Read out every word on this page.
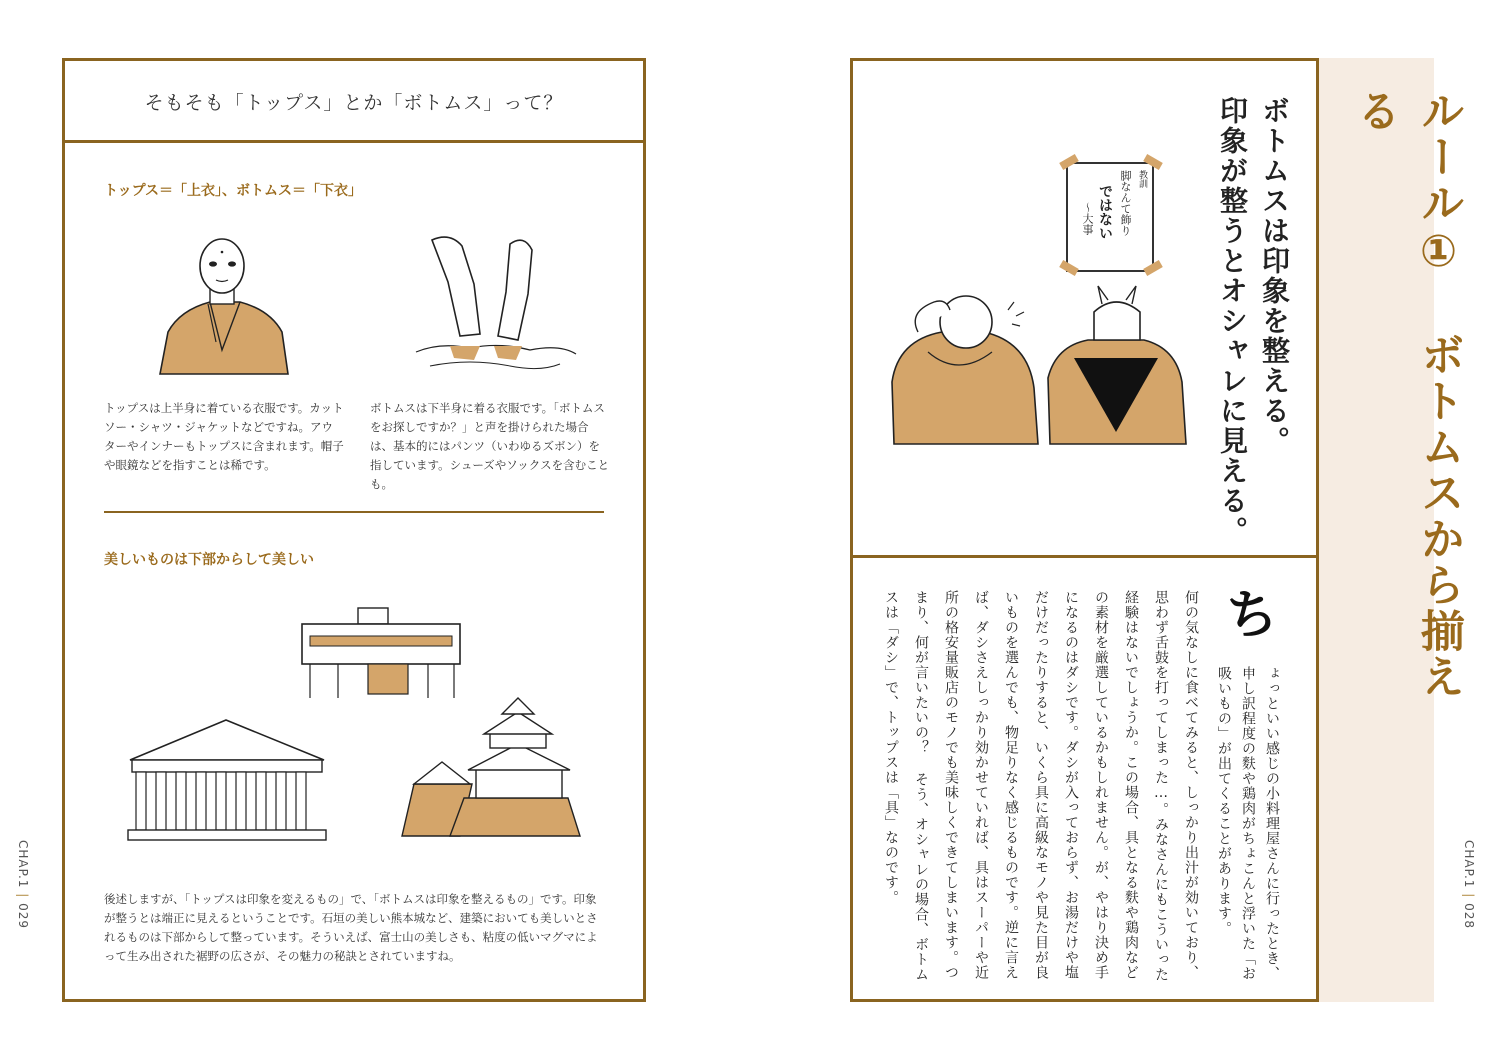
そもそも「トップス」とか「ボトムス」って？
トップス＝「上衣」、ボトムス＝「下衣」
トップスは上半身に着ている衣服です。カットソー・シャツ・ジャケットなどですね。アウターやインナーもトップスに含まれます。帽子や眼鏡などを指すことは稀です。
ボトムスは下半身に着る衣服です。「ボトムスをお探しですか？」と声を掛けられた場合は、基本的にはパンツ（いわゆるズボン）を指しています。シューズやソックスを含むことも。
美しいものは下部からして美しい
後述しますが、「トップスは印象を変えるもの」で、「ボトムスは印象を整えるもの」です。印象が整うとは端正に見えるということです。石垣の美しい熊本城など、建築においても美しいとされるものは下部からして整っています。そういえば、富士山の美しさも、粘度の低いマグマによって生み出された裾野の広さが、その魅力の秘訣とされていますね。
CHAP.1 | 029
ルール① ボトムスから揃える
ボトムスは印象を整える。
印象が整うとオシャレに見える。
教訓
脚なんて飾り
ではない
〜大事
ち
ょっといい感じの小料理屋さんに行ったとき、申し訳程度の麩や鶏肉がちょこんと浮いた「お吸いもの」が出てくることがあります。
何の気なしに食べてみると、しっかり出汁が効いており、思わず舌鼓を打ってしまった…。みなさんにもこういった経験はないでしょうか。この場合、具となる麩や鶏肉などの素材を厳選しているかもしれません。が、やはり決め手になるのはダシです。ダシが入っておらず、お湯だけや塩だけだったりすると、いくら具に高級なモノや見た目が良いものを選んでも、物足りなく感じるものです。逆に言えば、ダシさえしっかり効かせていれば、具はスーパーや近所の格安量販店のモノでも美味しくできてしまいます。つまり、何が言いたいの？ そう、オシャレの場合、ボトムスは「ダシ」で、トップスは「具」なのです。	CHAP.1 | 028
